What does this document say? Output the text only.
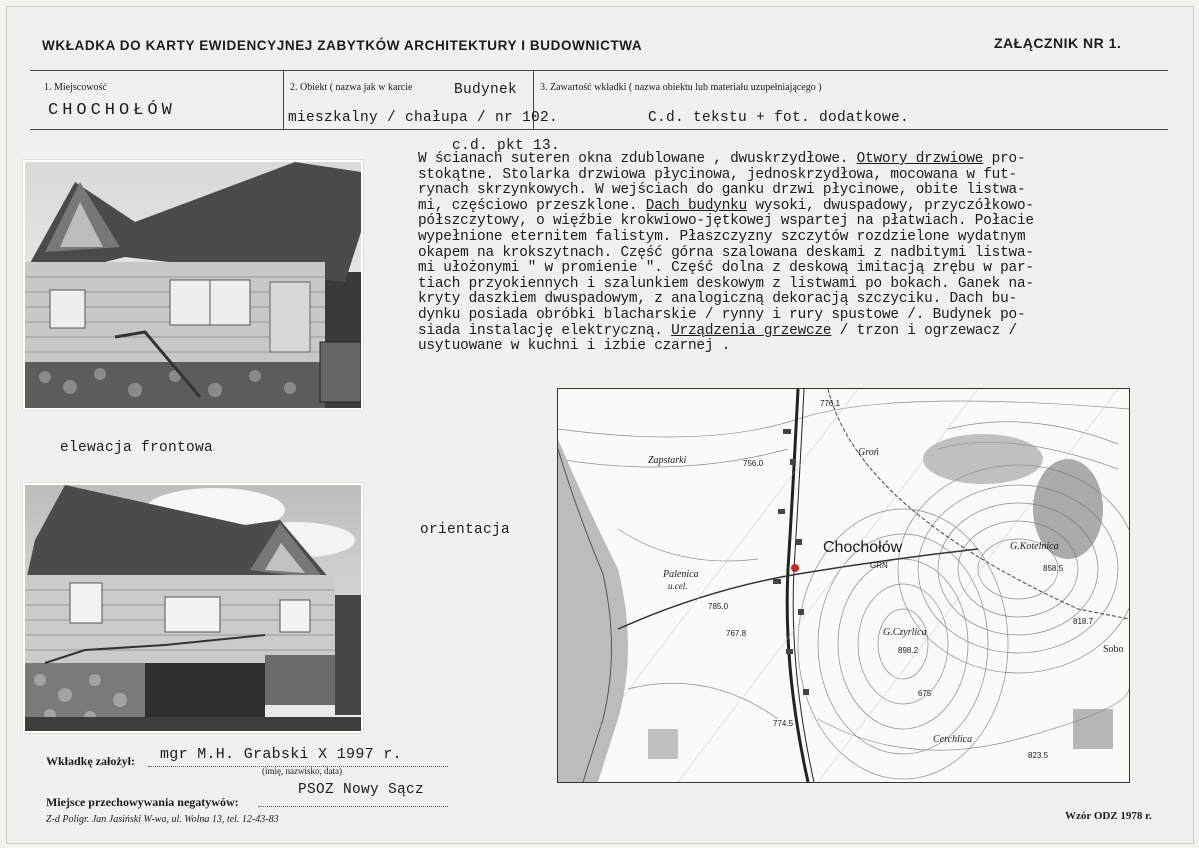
WKŁADKA DO KARTY EWIDENCYJNEJ ZABYTKÓW ARCHITEKTURY I BUDOWNICTWA	ZAŁĄCZNIK NR 1.
1. Miejscowość
CHOCHOŁÓW
2. Obiekt ( nazwa jak w karcie	Budynek
mieszkalny / chałupa / nr 102.
3. Zawartość wkładki ( nazwa obiektu lub materiału uzupełniającego )
C.d. tekstu + fot. dodatkowe.
c.d. pkt 13.
W ścianach suteren okna zdublowane , dwuskrzydłowe. Otwory drzwiowe pro-
stokątne. Stolarka drzwiowa płycinowa, jednoskrzydłowa, mocowana w fut-
rynach skrzynkowych. W wejściach do ganku drzwi płycinowe, obite listwa-
mi, częściowo przeszklone. Dach budynku wysoki, dwuspadowy, przyczółkowo-
półszczytowy, o więźbie krokwiowo-jętkowej wspartej na płatwiach. Połacie
wypełnione eternitem falistym. Płaszczyzny szczytów rozdzielone wydatnym
okapem na krokszytnach. Część górna szalowana deskami z nadbitymi listwa-
mi ułożonymi " w promienie ". Część dolna z deskową imitacją zrębu w par-
tiach przyokiennych i szalunkiem deskowym z listwami po bokach. Ganek na-
kryty daszkiem dwuspadowym, z analogiczną dekoracją szczyciku. Dach bu-
dynku posiada obróbki blacharskie / rynny i rury spustowe /. Budynek po-
siada instalację elektryczną. Urządzenia grzewcze / trzon i ogrzewacz /
usytuowane w kuchni i izbie czarnej .
elewacja frontowa
orientacja
Chochołów
GRN
Zapstarki
Groń
Palenica
u.cel.
G.Kotelnica
G.Czyrlica
Cerchlica
Sobo
776.1
756.0
785.0
767.8
858.5
898.2
818.7
774.5
823.5
675
Wkładkę założył: mgr M.H. Grabski X 1997 r.
(imię, nazwisko, data)
Miejsce przechowywania negatywów:
PSOZ Nowy Sącz
Z-d Poligr. Jan Jasiński W-wa, ul. Wolna 13, tel. 12-43-83	Wzór ODZ 1978 r.
